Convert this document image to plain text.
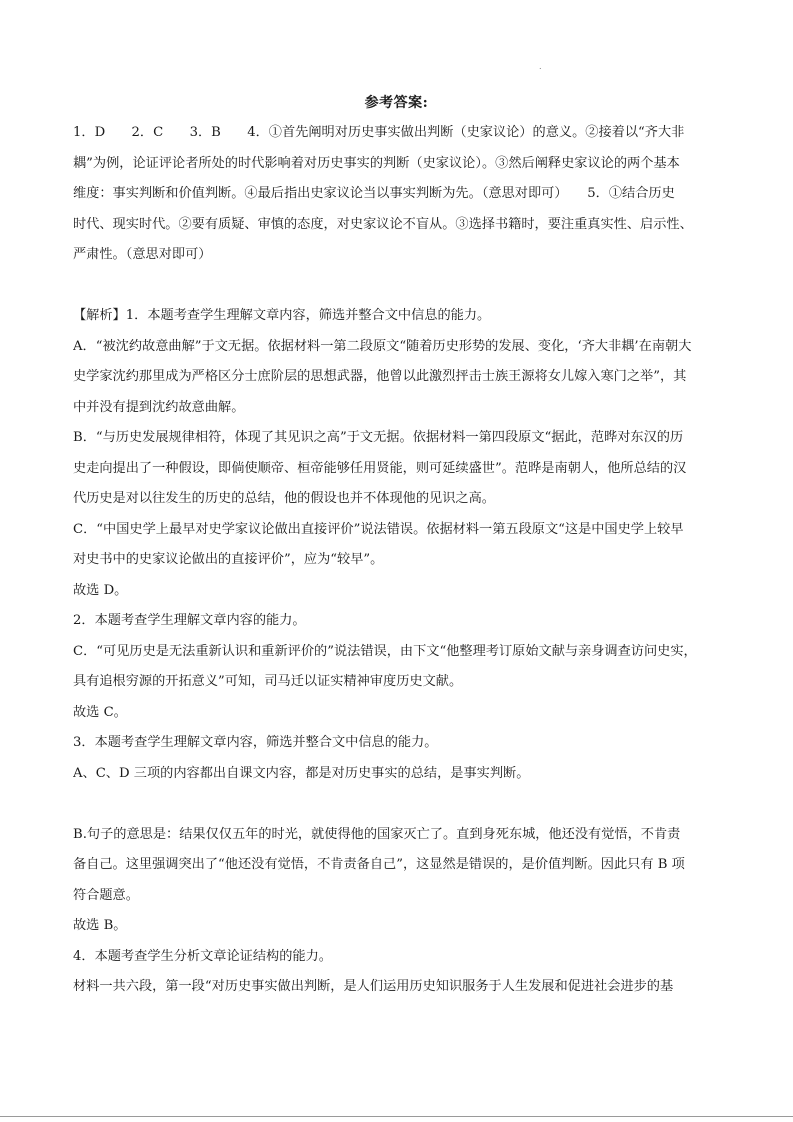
.
参考答案:
1．D　　2．C　　3．B　　4．①首先阐明对历史事实做出判断（史家议论）的意义。②接着以“齐大非
耦”为例，论证评论者所处的时代影响着对历史事实的判断（史家议论）。③然后阐释史家议论的两个基本
维度：事实判断和价值判断。④最后指出史家议论当以事实判断为先。（意思对即可）　　5．①结合历史
时代、现实时代。②要有质疑、审慎的态度，对史家议论不盲从。③选择书籍时，要注重真实性、启示性、
严肃性。（意思对即可）
【解析】1．本题考查学生理解文章内容，筛选并整合文中信息的能力。
A．“被沈约故意曲解”于文无据。依据材料一第二段原文“随着历史形势的发展、变化，‘齐大非耦’在南朝大
史学家沈约那里成为严格区分士庶阶层的思想武器，他曾以此激烈抨击士族王源将女儿嫁入寒门之举”，其
中并没有提到沈约故意曲解。
B．“与历史发展规律相符，体现了其见识之高”于文无据。依据材料一第四段原文“据此，范晔对东汉的历
史走向提出了一种假设，即倘使顺帝、桓帝能够任用贤能，则可延续盛世”。范晔是南朝人，他所总结的汉
代历史是对以往发生的历史的总结，他的假设也并不体现他的见识之高。
C．“中国史学上最早对史学家议论做出直接评价”说法错误。依据材料一第五段原文“这是中国史学上较早
对史书中的史家议论做出的直接评价”，应为“较早”。
故选 D。
2．本题考查学生理解文章内容的能力。
C．“可见历史是无法重新认识和重新评价的”说法错误，由下文“他整理考订原始文献与亲身调查访问史实，
具有追根穷源的开拓意义”可知，司马迁以证实精神审度历史文献。
故选 C。
3．本题考查学生理解文章内容，筛选并整合文中信息的能力。
A、C、D 三项的内容都出自课文内容，都是对历史事实的总结，是事实判断。
B.句子的意思是：结果仅仅五年的时光，就使得他的国家灭亡了。直到身死东城，他还没有觉悟，不肯责
备自己。这里强调突出了“他还没有觉悟，不肯责备自己”，这显然是错误的，是价值判断。因此只有 B 项
符合题意。
故选 B。
4．本题考查学生分析文章论证结构的能力。
材料一共六段，第一段“对历史事实做出判断，是人们运用历史知识服务于人生发展和促进社会进步的基
